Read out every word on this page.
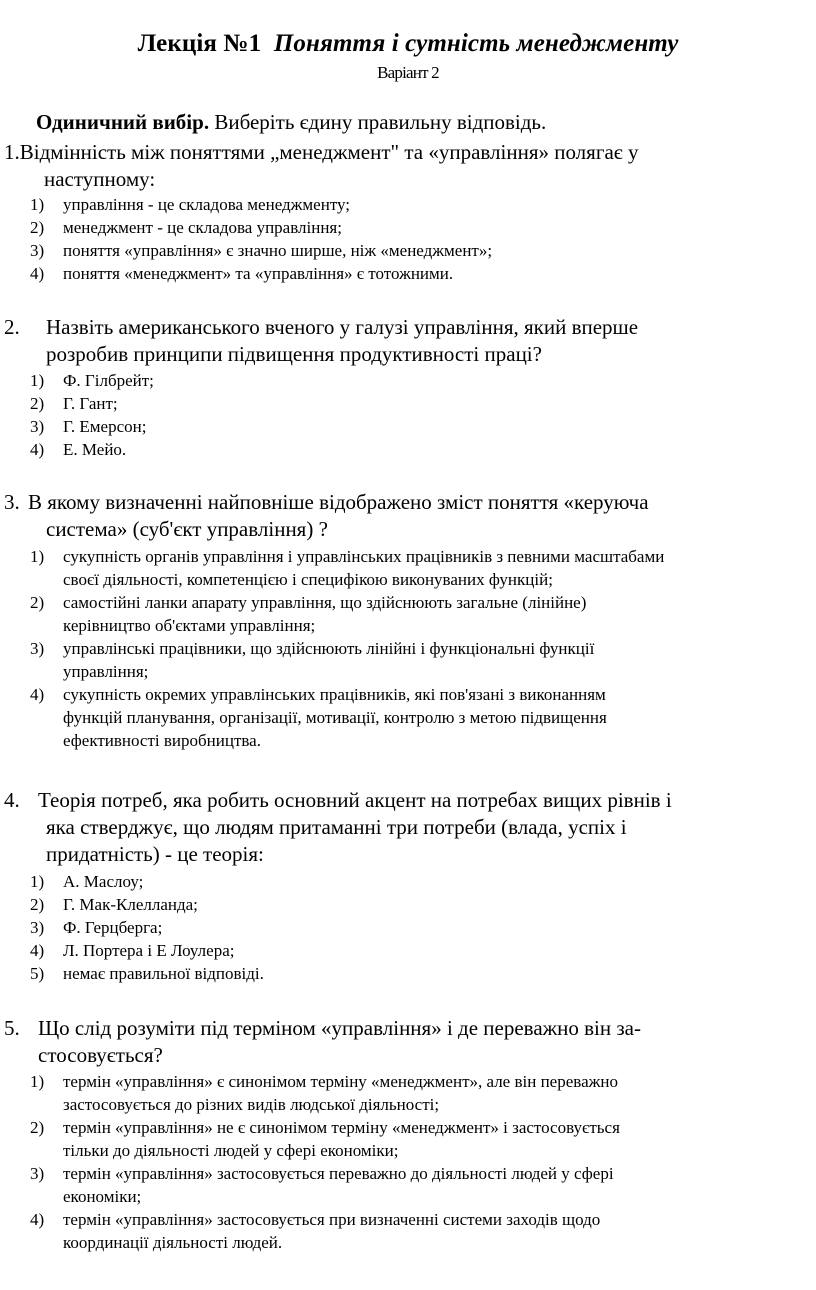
Лекція №1 Поняття і сутність менеджменту
Варіант 2
Одиничний вибір. Виберіть єдину правильну відповідь.
1.Відмінність між поняттями „менеджмент" та «управління» полягає у
наступному:
1)	управління - це складова менеджменту;
2)	менеджмент - це складова управління;
3)	поняття «управління» є значно ширше, ніж «менеджмент»;
4)	поняття «менеджмент» та «управління» є тотожними.
2.	Назвіть американського вченого у галузі управління, який вперше
розробив принципи підвищення продуктивності праці?
1)	Ф. Гілбрейт;
2)	Г. Гант;
3)	Г. Емерсон;
4)	Е. Мейо.
3. В якому визначенні найповніше відображено зміст поняття «керуюча
система» (суб'єкт управління) ?
1)	сукупність органів управління і управлінських працівників з певними масштабами
своєї діяльності, компетенцією і специфікою виконуваних функцій;
2)	самостійні ланки апарату управління, що здійснюють загальне (лінійне)
керівництво об'єктами управління;
3)	управлінські працівники, що здійснюють лінійні і функціональні функції
управління;
4)	сукупність окремих управлінських працівників, які пов'язані з виконанням
функцій планування, організації, мотивації, контролю з метою підвищення
ефективності виробництва.
4. Теорія потреб, яка робить основний акцент на потребах вищих рівнів і
яка стверджує, що людям притаманні три потреби (влада, успіх і
придатність) - це теорія:
1)	А. Маслоу;
2)	Г. Мак-Клелланда;
3)	Ф. Герцберга;
4)	Л. Портера і Е Лоулера;
5)	немає правильної відповіді.
5. Що слід розуміти під терміном «управління» і де переважно він за-
стосовується?
1)	термін «управління» є синонімом терміну «менеджмент», але він переважно
застосовується до різних видів людської діяльності;
2)	термін «управління» не є синонімом терміну «менеджмент» і застосовується
тільки до діяльності людей у сфері економіки;
3)	термін «управління» застосовується переважно до діяльності людей у сфері
економіки;
4)	термін «управління» застосовується при визначенні системи заходів щодо
координації діяльності людей.
